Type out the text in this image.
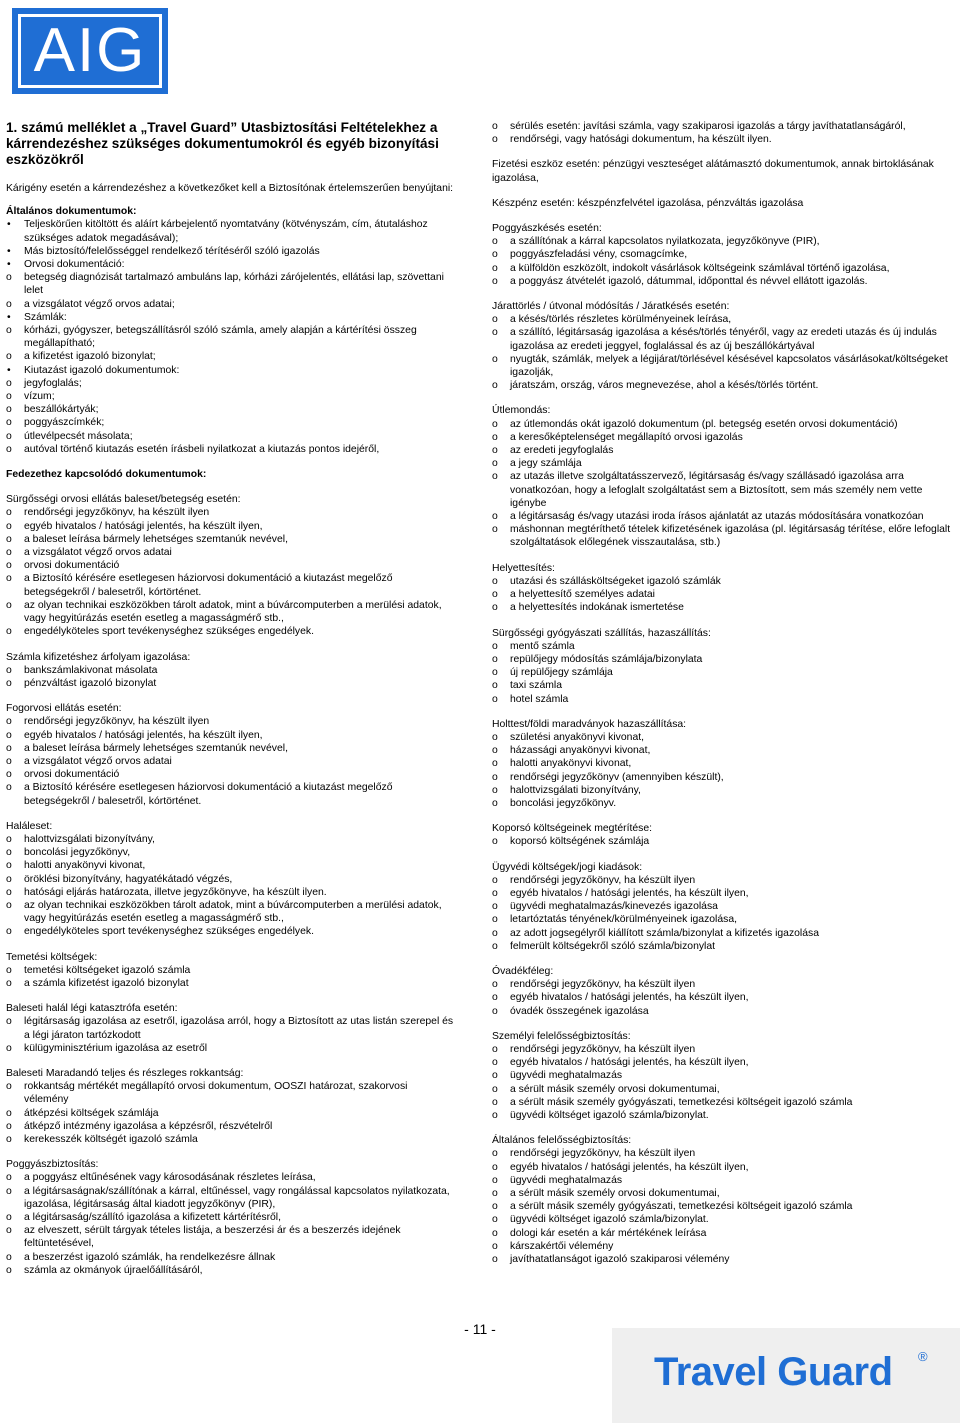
AIG
1. számú melléklet a „Travel Guard” Utasbiztosítási Feltételekhez a kárrendezéshez szükséges dokumentumokról és egyéb bizonyítási eszközökről

Kárigény esetén a kárrendezéshez a következőket kell a Biztosítónak értelemszerűen benyújtani:

Általános dokumentumok:

• Teljeskörűen kitöltött és aláírt kárbejelentő nyomtatvány (kötvényszám, cím, átutaláshoz szükséges adatok megadásával);
• Más biztosító/felelősséggel rendelkező térítéséről szóló igazolás
• Orvosi dokumentáció:
o betegség diagnózisát tartalmazó ambuláns lap, kórházi zárójelentés, ellátási lap, szövettani lelet
o a vizsgálatot végző orvos adatai;
• Számlák:
o kórházi, gyógyszer, betegszállításról szóló számla, amely alapján a kártérítési összeg megállapítható;
o a kifizetést igazoló bizonylat;
• Kiutazást igazoló dokumentumok:
o jegyfoglalás;
o vízum;
o beszállókártyák;
o poggyászcímkék;
o útlevélpecsét másolata;
o autóval történő kiutazás esetén írásbeli nyilatkozat a kiutazás pontos idejéről,

Fedezethez kapcsolódó dokumentumok:

Sürgősségi orvosi ellátás baleset/betegség esetén:

o rendőrségi jegyzőkönyv, ha készült ilyen
o egyéb hivatalos / hatósági jelentés, ha készült ilyen,
o a baleset leírása bármely lehetséges szemtanúk nevével,
o a vizsgálatot végző orvos adatai
o orvosi dokumentáció
o a Biztosító kérésére esetlegesen háziorvosi dokumentáció a kiutazást megelőző betegségekről / balesetről, kórtörténet.
o az olyan technikai eszközökben tárolt adatok, mint a búvárcomputerben a merülési adatok, vagy hegyitúrázás esetén esetleg a magasságmérő stb.,
o engedélyköteles sport tevékenységhez szükséges engedélyek.

Számla kifizetéshez árfolyam igazolása:

o bankszámlakivonat másolata
o pénzváltást igazoló bizonylat

Fogorvosi ellátás esetén:

o rendőrségi jegyzőkönyv, ha készült ilyen
o egyéb hivatalos / hatósági jelentés, ha készült ilyen,
o a baleset leírása bármely lehetséges szemtanúk nevével,
o a vizsgálatot végző orvos adatai
o orvosi dokumentáció
o a Biztosító kérésére esetlegesen háziorvosi dokumentáció a kiutazást megelőző betegségekről / balesetről, kórtörténet.

Haláleset:

o halottvizsgálati bizonyítvány,
o boncolási jegyzőkönyv,
o halotti anyakönyvi kivonat,
o öröklési bizonyítvány, hagyatékátadó végzés,
o hatósági eljárás határozata, illetve jegyzőkönyve, ha készült ilyen.
o az olyan technikai eszközökben tárolt adatok, mint a búvárcomputerben a merülési adatok, vagy hegyitúrázás esetén esetleg a magasságmérő stb.,
o engedélyköteles sport tevékenységhez szükséges engedélyek.

Temetési költségek:

o temetési költségeket igazoló számla
o a számla kifizetést igazoló bizonylat

Baleseti halál légi katasztrófa esetén:

o légitársaság igazolása az esetről, igazolása arról, hogy a Biztosított az utas listán szerepel és a légi járaton tartózkodott
o külügyminisztérium igazolása az esetről

Baleseti Maradandó teljes és részleges rokkantság:

o rokkantság mértékét megállapító orvosi dokumentum, OOSZI határozat, szakorvosi vélemény
o átképzési költségek számlája
o átképző intézmény igazolása a képzésről, részvételről
o kerekesszék költségét igazoló számla

Poggyászbiztosítás:

o a poggyász eltűnésének vagy károsodásának részletes leírása,
o a légitársaságnak/szállítónak a kárral, eltűnéssel, vagy rongálással kapcsolatos nyilatkozata, igazolása, légitársaság által kiadott jegyzőkönyv (PIR),
o a légitársaság/szállító igazolása a kifizetett kártérítésről,
o az elveszett, sérült tárgyak tételes listája, a beszerzési ár és a beszerzés idejének feltüntetésével,
o a beszerzést igazoló számlák, ha rendelkezésre állnak
o számla az okmányok újraelőállításáról,
o sérülés esetén: javítási számla, vagy szakiparosi igazolás a tárgy javíthatatlanságáról,
o rendőrségi, vagy hatósági dokumentum, ha készült ilyen.

Fizetési eszköz esetén: pénzügyi veszteséget alátámasztó dokumentumok, annak birtoklásának igazolása,

Készpénz esetén: készpénzfelvétel igazolása, pénzváltás igazolása

Poggyászkésés esetén:

o a szállítónak a kárral kapcsolatos nyilatkozata, jegyzőkönyve (PIR),
o poggyászfeladási vény, csomagcímke,
o a külföldön eszközölt, indokolt vásárlások költségeink számlával történő igazolása,
o a poggyász átvételét igazoló, dátummal, időponttal és névvel ellátott igazolás.

Járattörlés / útvonal módósítás / Járatkésés esetén:

o a késés/törlés részletes körülményeinek leírása,
o a szállító, légitársaság igazolása a késés/törlés tényéről, vagy az eredeti utazás és új indulás igazolása az eredeti jeggyel, foglalással és az új beszállókártyával
o nyugták, számlák, melyek a légijárat/törlésével késésével kapcsolatos vásárlásokat/költségeket igazolják,
o járatszám, ország, város megnevezése, ahol a késés/törlés történt.

Útlemondás:

o az útlemondás okát igazoló dokumentum (pl. betegség esetén orvosi dokumentáció)
o a keresőképtelenséget megállapító orvosi igazolás
o az eredeti jegyfoglalás
o a jegy számlája
o az utazás illetve szolgáltatásszervező, légitársaság és/vagy szállásadó igazolása arra vonatkozóan, hogy a lefoglalt szolgáltatást sem a Biztosított, sem más személy nem vette igénybe
o a légitársaság és/vagy utazási iroda írásos ajánlatát az utazás módosítására vonatkozóan
o máshonnan megtéríthető tételek kifizetésének igazolása (pl. légitársaság térítése, előre lefoglalt szolgáltatások előlegének visszautalása, stb.)

Helyettesítés:

o utazási és szállásköltségeket igazoló számlák
o a helyettesítő személyes adatai
o a helyettesítés indokának ismertetése

Sürgősségi gyógyászati szállítás, hazaszállítás:

o mentő számla
o repülőjegy módosítás számlája/bizonylata
o új repülőjegy számlája
o taxi számla
o hotel számla

Holttest/földi maradványok hazaszállítása:

o születési anyakönyvi kivonat,
o házassági anyakönyvi kivonat,
o halotti anyakönyvi kivonat,
o rendőrségi jegyzőkönyv (amennyiben készült),
o halottvizsgálati bizonyítvány,
o boncolási jegyzőkönyv.

Koporsó költségeinek megtérítése:

o koporsó költségének számlája

Ügyvédi költségek/jogi kiadások:

o rendőrségi jegyzőkönyv, ha készült ilyen
o egyéb hivatalos / hatósági jelentés, ha készült ilyen,
o ügyvédi meghatalmazás/kinevezés igazolása
o letartóztatás tényének/körülményeinek igazolása,
o az adott jogsegélyről kiállított számla/bizonylat a kifizetés igazolása
o felmerült költségekről szóló számla/bizonylat

Óvadékféleg:

o rendőrségi jegyzőkönyv, ha készült ilyen
o egyéb hivatalos / hatósági jelentés, ha készült ilyen,
o óvadék összegének igazolása

Személyi felelősségbiztosítás:

o rendőrségi jegyzőkönyv, ha készült ilyen
o egyéb hivatalos / hatósági jelentés, ha készült ilyen,
o ügyvédi meghatalmazás
o a sérült másik személy orvosi dokumentumai,
o a sérült másik személy gyógyászati, temetkezési költségeit igazoló számla
o ügyvédi költséget igazoló számla/bizonylat.

Általános felelősségbiztosítás:

o rendőrségi jegyzőkönyv, ha készült ilyen
o egyéb hivatalos / hatósági jelentés, ha készült ilyen,
o ügyvédi meghatalmazás
o a sérült másik személy orvosi dokumentumai,
o a sérült másik személy gyógyászati, temetkezési költségeit igazoló számla
o ügyvédi költséget igazoló számla/bizonylat.
o dologi kár esetén a kár mértékének leírása
o kárszakértői vélemény
o javíthatatlanságot igazoló szakiparosi vélemény
- 11 -
Travel Guard ®
